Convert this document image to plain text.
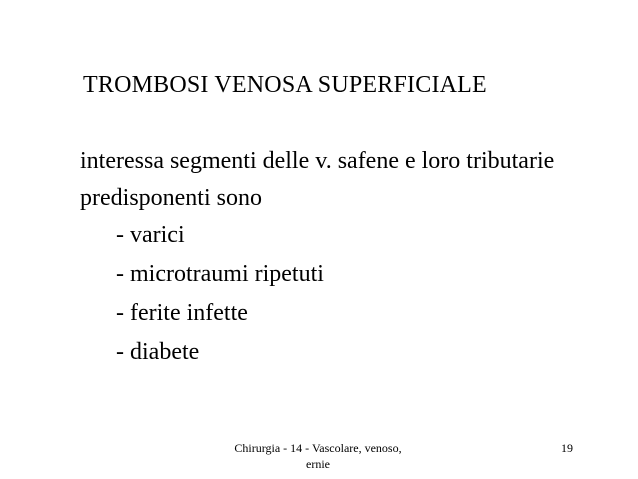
TROMBOSI VENOSA SUPERFICIALE
interessa segmenti delle v. safene e loro tributarie
predisponenti sono
- varici
- microtraumi ripetuti
- ferite infette
- diabete
Chirurgia - 14 - Vascolare, venoso,
ernie
19
